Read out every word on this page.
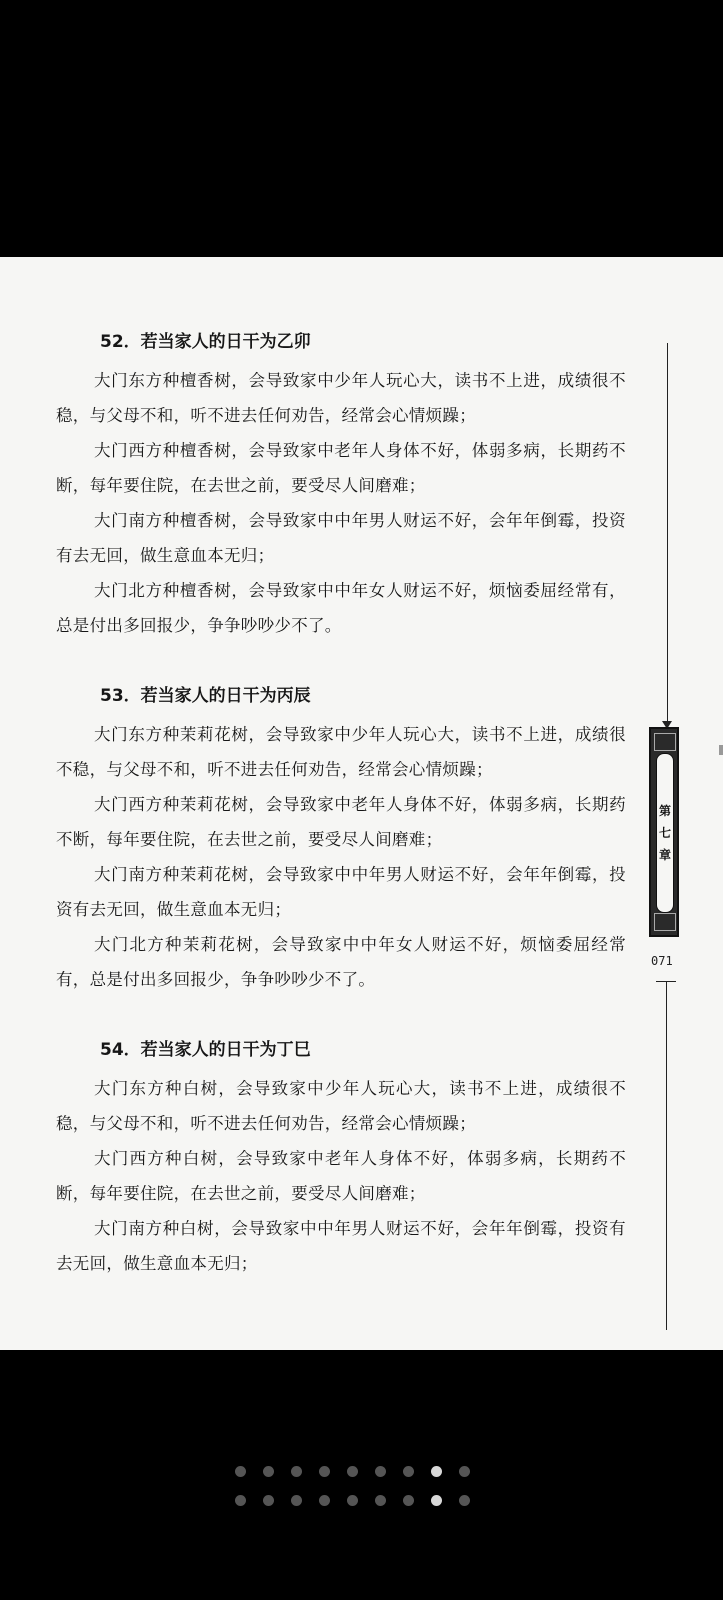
52．若当家人的日干为乙卯

大门东方种檀香树，会导致家中少年人玩心大，读书不上进，成绩很不稳，与父母不和，听不进去任何劝告，经常会心情烦躁；

大门西方种檀香树，会导致家中老年人身体不好，体弱多病，长期药不断，每年要住院，在去世之前，要受尽人间磨难；

大门南方种檀香树，会导致家中中年男人财运不好，会年年倒霉，投资有去无回，做生意血本无归；

大门北方种檀香树，会导致家中中年女人财运不好，烦恼委屈经常有，总是付出多回报少，争争吵吵少不了。

53．若当家人的日干为丙辰

大门东方种茉莉花树，会导致家中少年人玩心大，读书不上进，成绩很不稳，与父母不和，听不进去任何劝告，经常会心情烦躁；

大门西方种茉莉花树，会导致家中老年人身体不好，体弱多病，长期药不断，每年要住院，在去世之前，要受尽人间磨难；

大门南方种茉莉花树，会导致家中中年男人财运不好，会年年倒霉，投资有去无回，做生意血本无归；

大门北方种茉莉花树，会导致家中中年女人财运不好，烦恼委屈经常有，总是付出多回报少，争争吵吵少不了。

54．若当家人的日干为丁巳

大门东方种白树，会导致家中少年人玩心大，读书不上进，成绩很不稳，与父母不和，听不进去任何劝告，经常会心情烦躁；

大门西方种白树，会导致家中老年人身体不好，体弱多病，长期药不断，每年要住院，在去世之前，要受尽人间磨难；

大门南方种白树，会导致家中中年男人财运不好，会年年倒霉，投资有去无回，做生意血本无归；

第
七
章
071
